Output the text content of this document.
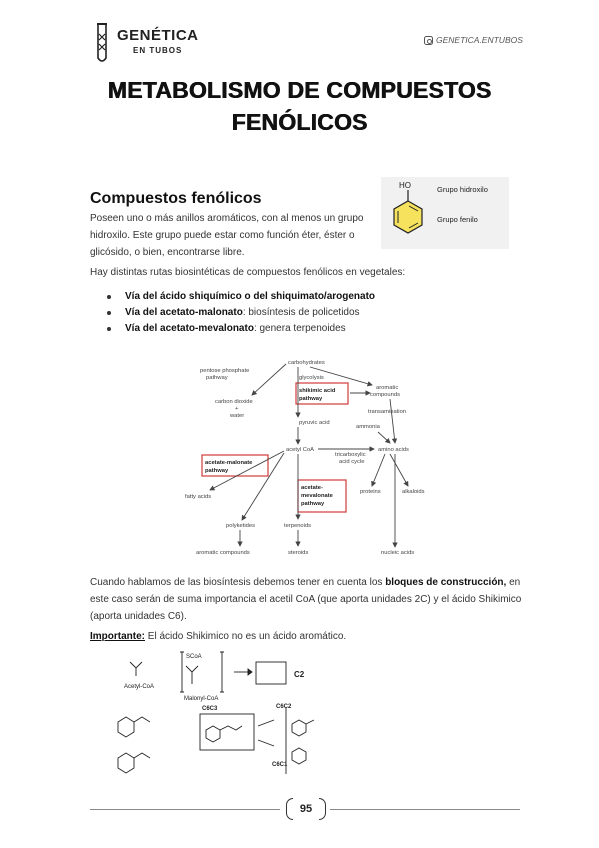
GENÉTICA
EN TUBOS
GENETICA.ENTUBOS
METABOLISMO DE COMPUESTOS
FENÓLICOS
Compuestos fenólicos
Poseen uno o más anillos aromáticos, con al menos un grupo hidroxilo. Este grupo puede estar como función éter, éster o glicósido, o bien, encontrarse libre.
HO	Grupo hidroxilo
Grupo fenilo
Hay distintas rutas biosintéticas de compuestos fenólicos en vegetales:
Vía del ácido shiquímico o del shiquimato/arogenato
Vía del acetato-malonato: biosíntesis de policetidos
Vía del acetato-mevalonato: genera terpenoides
carbohydrates
pentose phosphate
pathway	glycolysis
aromatic
compounds
carbon dioxide
+
water
transamination
ammonia
pyruvic acid
acetyl CoA	amino acids
tricarboxylic
acid cycle
fatty acids
proteins	alkaloids
polyketides	terpenoids
aromatic compounds	steroids	nucleic acids
shikimic acid
pathway
acetate-malonate
pathway
acetate-
mevalonate
pathway
Cuando hablamos de las biosíntesis debemos tener en cuenta los bloques de construcción, en este caso serán de suma importancia el acetil CoA (que aporta unidades 2C) y el ácido Shikimico (aporta unidades C6).
Importante: El ácido Shikimico no es un ácido aromático.
Acetyl-CoA
SCoA
Malonyl-CoA
C6C3	C6C2
C6C1
C2
95
